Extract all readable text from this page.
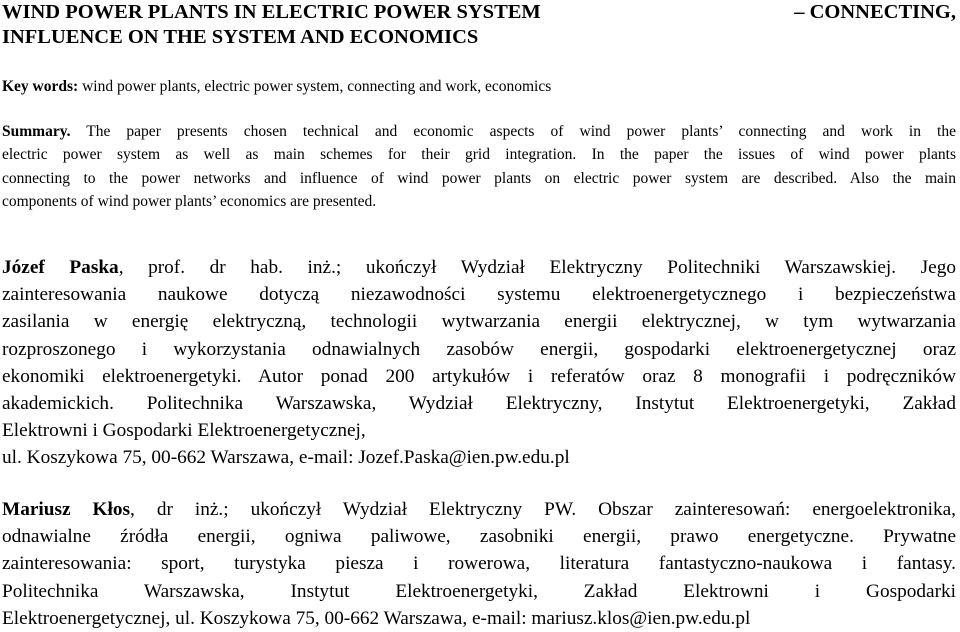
WIND POWER PLANTS IN ELECTRIC POWER SYSTEM	– CONNECTING,
INFLUENCE ON THE SYSTEM AND ECONOMICS
Key words: wind power plants, electric power system, connecting and work, economics
Summary. The paper presents chosen technical and economic aspects of wind power plants’ connecting and work in the
electric power system as well as main schemes for their grid integration. In the paper the issues of wind power plants
connecting to the power networks and influence of wind power plants on electric power system are described. Also the main
components of wind power plants’ economics are presented.
Józef Paska, prof. dr hab. inż.; ukończył Wydział Elektryczny Politechniki Warszawskiej. Jego
zainteresowania naukowe dotyczą niezawodności systemu elektroenergetycznego i bezpieczeństwa
zasilania w energię elektryczną, technologii wytwarzania energii elektrycznej, w tym wytwarzania
rozproszonego i wykorzystania odnawialnych zasobów energii, gospodarki elektroenergetycznej oraz
ekonomiki elektroenergetyki. Autor ponad 200 artykułów i referatów oraz 8 monografii i podręczników
akademickich. Politechnika Warszawska, Wydział Elektryczny, Instytut Elektroenergetyki, Zakład
Elektrowni i Gospodarki Elektroenergetycznej,
ul. Koszykowa 75, 00-662 Warszawa, e-mail: Jozef.Paska@ien.pw.edu.pl
Mariusz Kłos, dr inż.; ukończył Wydział Elektryczny PW. Obszar zainteresowań: energoelektronika,
odnawialne źródła energii, ogniwa paliwowe, zasobniki energii, prawo energetyczne. Prywatne
zainteresowania: sport, turystyka piesza i rowerowa, literatura fantastyczno-naukowa i fantasy.
Politechnika Warszawska, Instytut Elektroenergetyki, Zakład Elektrowni i Gospodarki
Elektroenergetycznej, ul. Koszykowa 75, 00-662 Warszawa, e-mail: mariusz.klos@ien.pw.edu.pl
